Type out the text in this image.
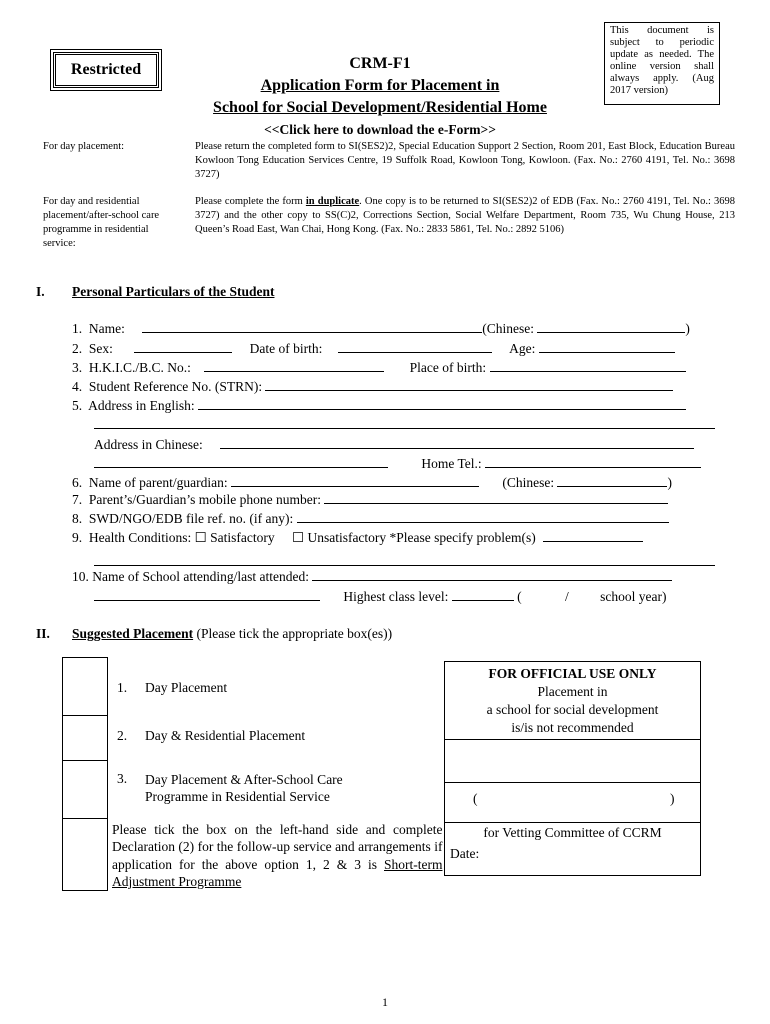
Restricted
This document is subject to periodic update as needed. The online version shall always apply. (Aug 2017 version)
CRM-F1
Application Form for Placement in
School for Social Development/Residential Home
<<Click here to download the e-Form>>
For day placement:	Please return the completed form to SI(SES2)2, Special Education Support 2 Section, Room 201, East Block, Education Bureau Kowloon Tong Education Services Centre, 19 Suffolk Road, Kowloon Tong, Kowloon. (Fax. No.: 2760 4191, Tel. No.: 3698 3727)
For day and residential placement/after-school care programme in residential service:
Please complete the form in duplicate. One copy is to be returned to SI(SES2)2 of EDB (Fax. No.: 2760 4191, Tel. No.: 3698 3727) and the other copy to SS(C)2, Corrections Section, Social Welfare Department, Room 735, Wu Chung House, 213 Queen’s Road East, Wan Chai, Hong Kong. (Fax. No.: 2833 5861, Tel. No.: 2892 5106)
I. Personal Particulars of the Student
1. Name:	(Chinese:	)
2. Sex:	Date of birth:	Age:
3. H.K.I.C./B.C. No.:	Place of birth:
4. Student Reference No. (STRN):
5. Address in English:
Address in Chinese:
Home Tel.:
6. Name of parent/guardian:	(Chinese:	)
7. Parent’s/Guardian’s mobile phone number:
8. SWD/NGO/EDB file ref. no. (if any):
9. Health Conditions: ☐ Satisfactory ☐ Unsatisfactory *Please specify problem(s)
10. Name of School attending/last attended:
Highest class level:	(	/ school year)
II. Suggested Placement (Please tick the appropriate box(es))
	1. Day Placement
	2. Day & Residential Placement

	3. Day Placement & After-School Care Programme in Residential Service

	Please tick the box on the left-hand side and complete Declaration (2) for the follow-up service and arrangements if application for the above option 1, 2 & 3 is Short-term Adjustment Programme
FOR OFFICIAL USE ONLY
Placement in
a school for social development
is/is not recommended
(	)
for Vetting Committee of CCRM
Date:
1
